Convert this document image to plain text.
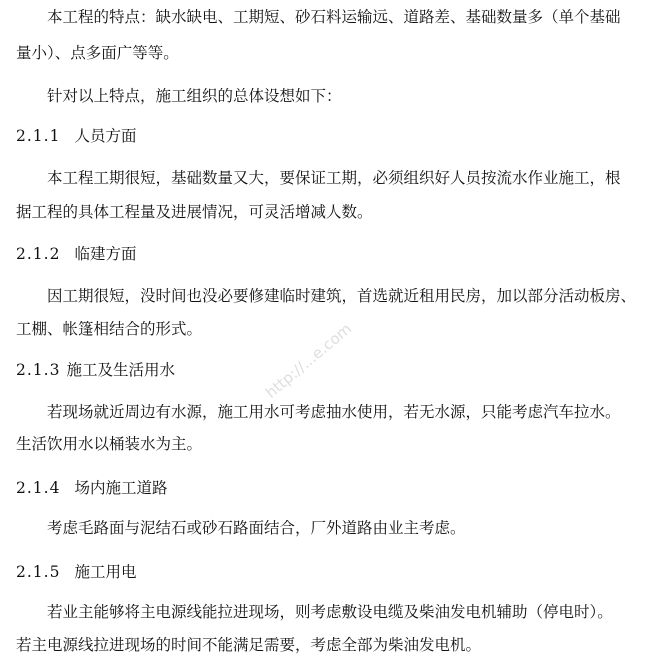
本工程的特点：缺水缺电、工期短、砂石料运输远、道路差、基础数量多（单个基础
量小）、点多面广等等。
针对以上特点，施工组织的总体设想如下：
2.1.1 人员方面
本工程工期很短，基础数量又大，要保证工期，必须组织好人员按流水作业施工，根
据工程的具体工程量及进展情况，可灵活增减人数。
2.1.2 临建方面
因工期很短，没时间也没必要修建临时建筑，首选就近租用民房，加以部分活动板房、
工棚、帐篷相结合的形式。
2.1.3 施工及生活用水
若现场就近周边有水源，施工用水可考虑抽水使用，若无水源，只能考虑汽车拉水。
生活饮用水以桶装水为主。
2.1.4 场内施工道路
考虑毛路面与泥结石或砂石路面结合，厂外道路由业主考虑。
2.1.5 施工用电
若业主能够将主电源线能拉进现场，则考虑敷设电缆及柴油发电机辅助（停电时）。
若主电源线拉进现场的时间不能满足需要，考虑全部为柴油发电机。
http://...e.com
